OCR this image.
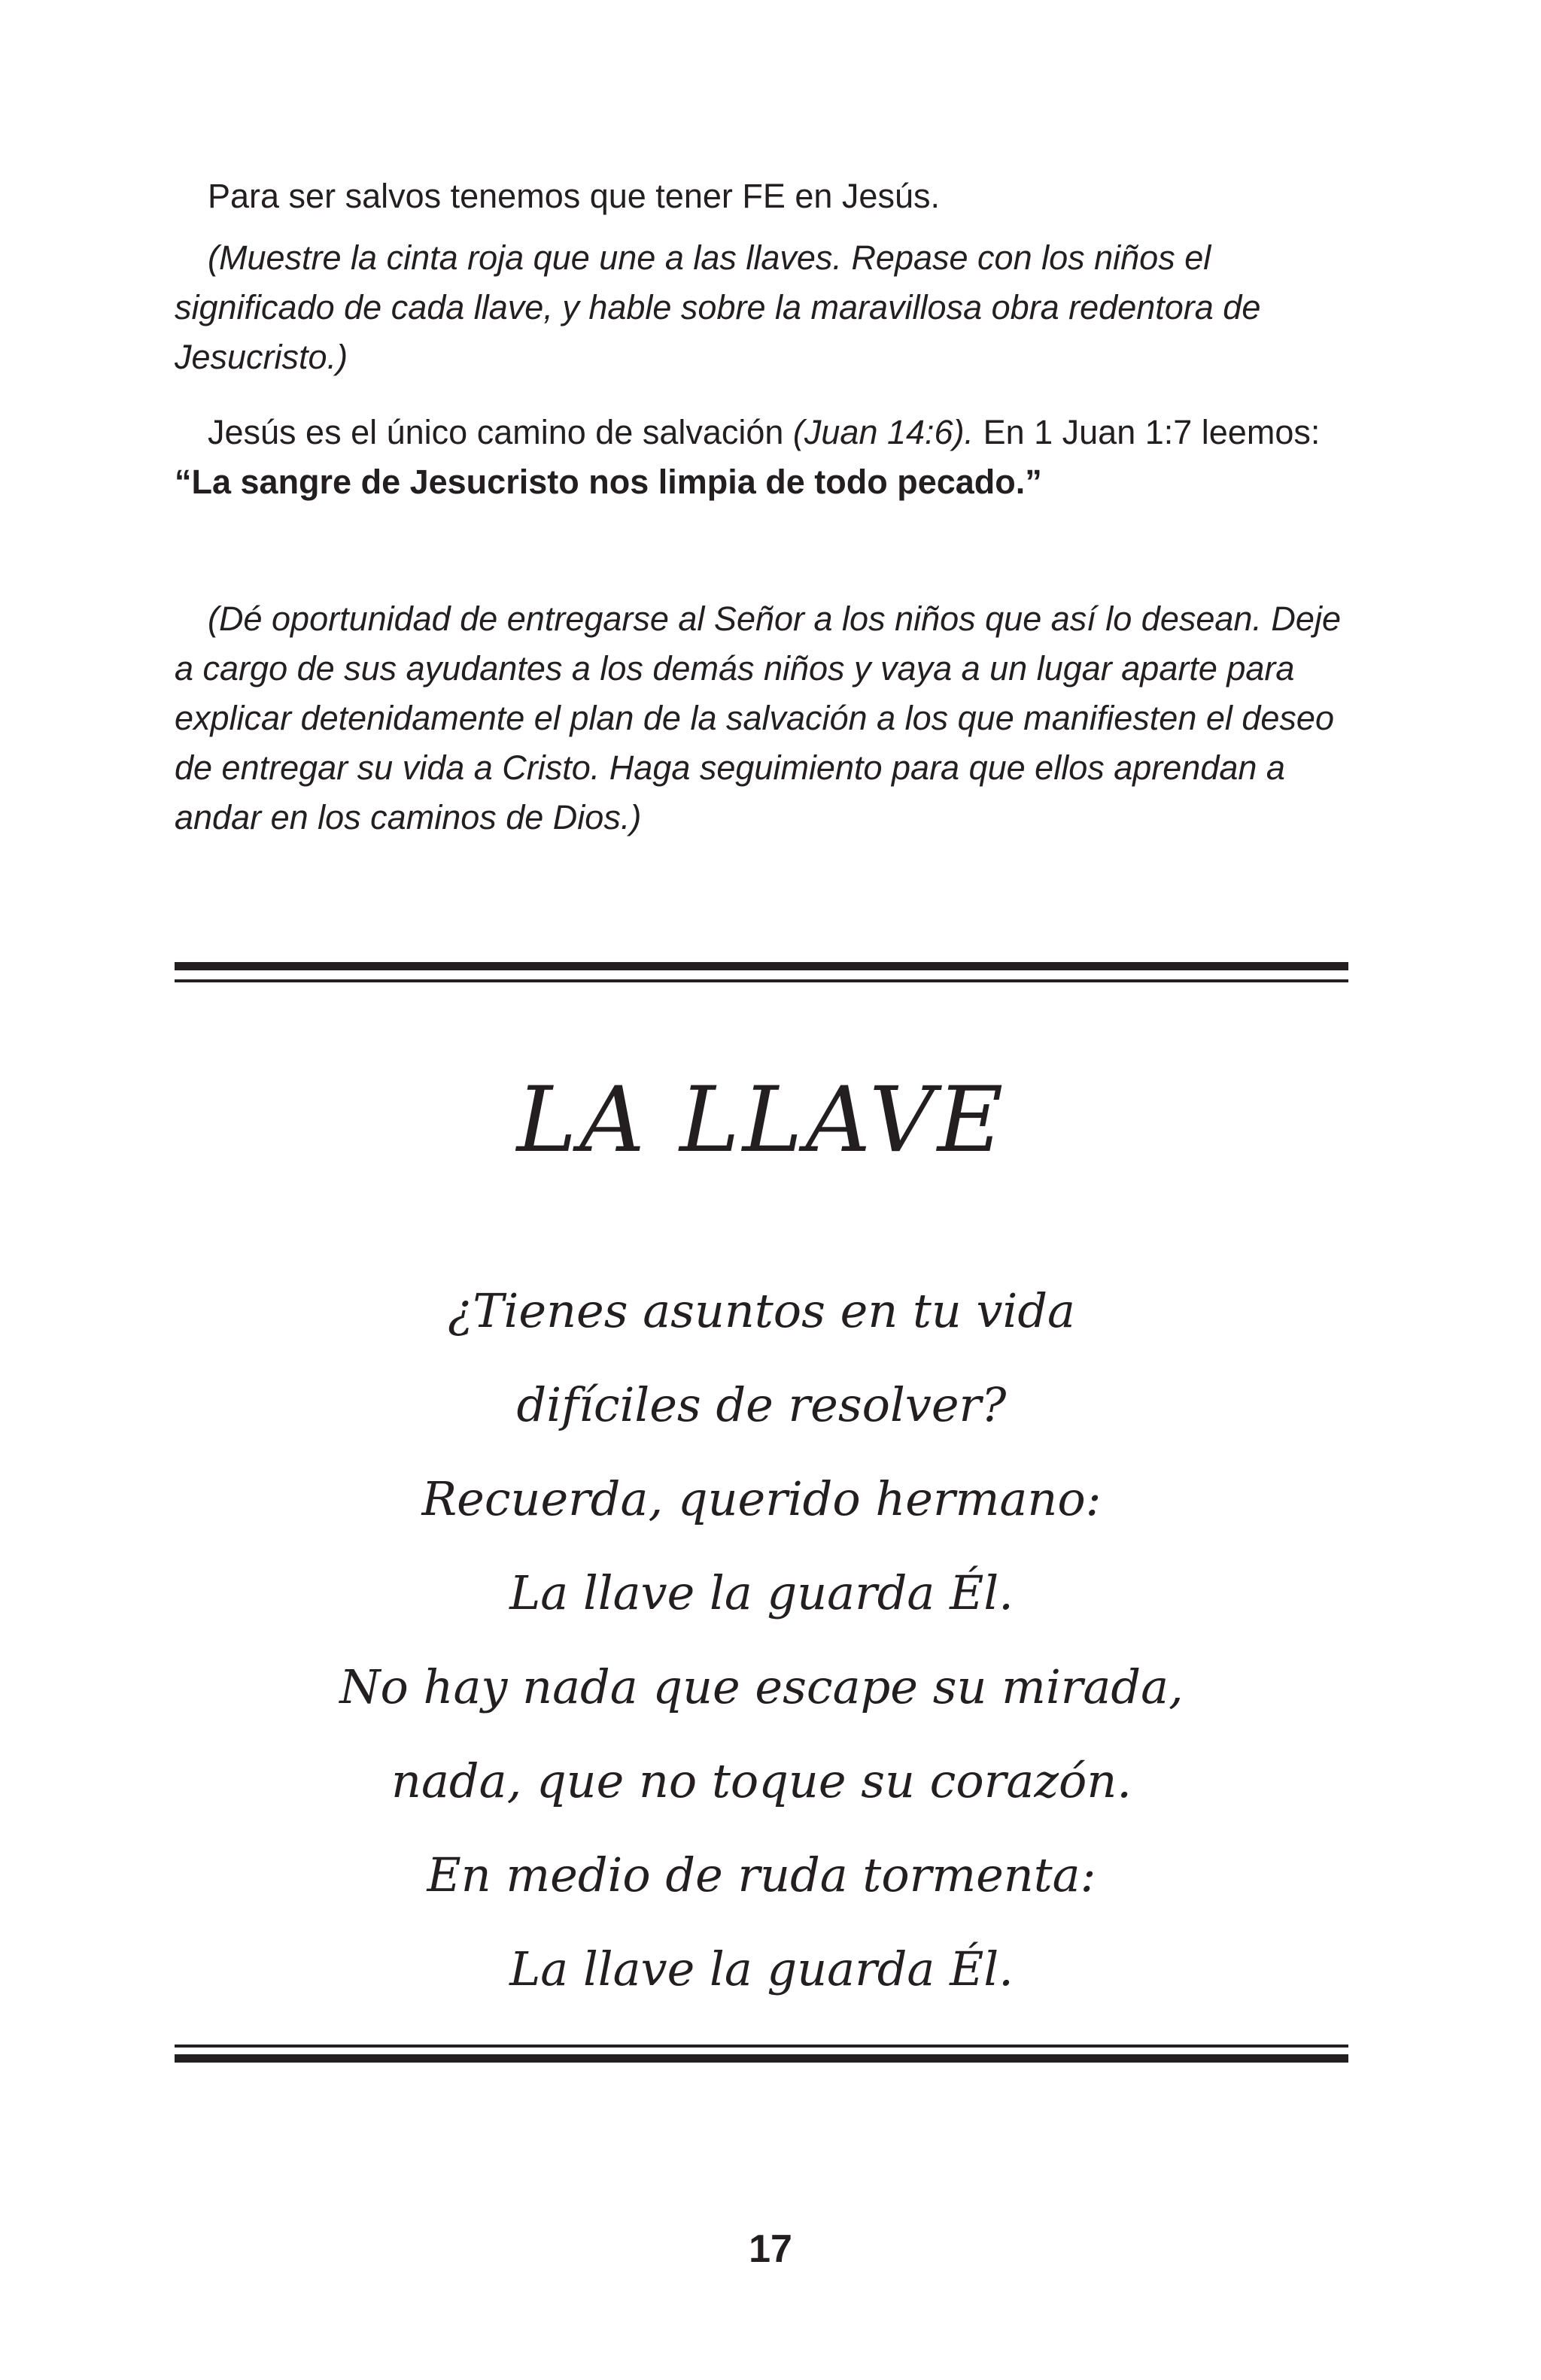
Para ser salvos tenemos que tener FE en Jesús.

(Muestre la cinta roja que une a las llaves. Repase con los niños el significado de cada llave, y hable sobre la maravillosa obra redentora de Jesucristo.)

Jesús es el único camino de salvación (Juan 14:6). En 1 Juan 1:7 leemos: “La sangre de Jesucristo nos limpia de todo pecado.”

(Dé oportunidad de entregarse al Señor a los niños que así lo desean. Deje a cargo de sus ayudantes a los demás niños y vaya a un lugar aparte para explicar detenidamente el plan de la salvación a los que manifiesten el deseo de entregar su vida a Cristo. Haga seguimiento para que ellos aprendan a andar en los caminos de Dios.)

LA LLAVE
¿Tienes asuntos en tu vida
difíciles de resolver?
Recuerda, querido hermano:
La llave la guarda Él.
No hay nada que escape su mirada,
nada, que no toque su corazón.
En medio de ruda tormenta:
La llave la guarda Él.
17
